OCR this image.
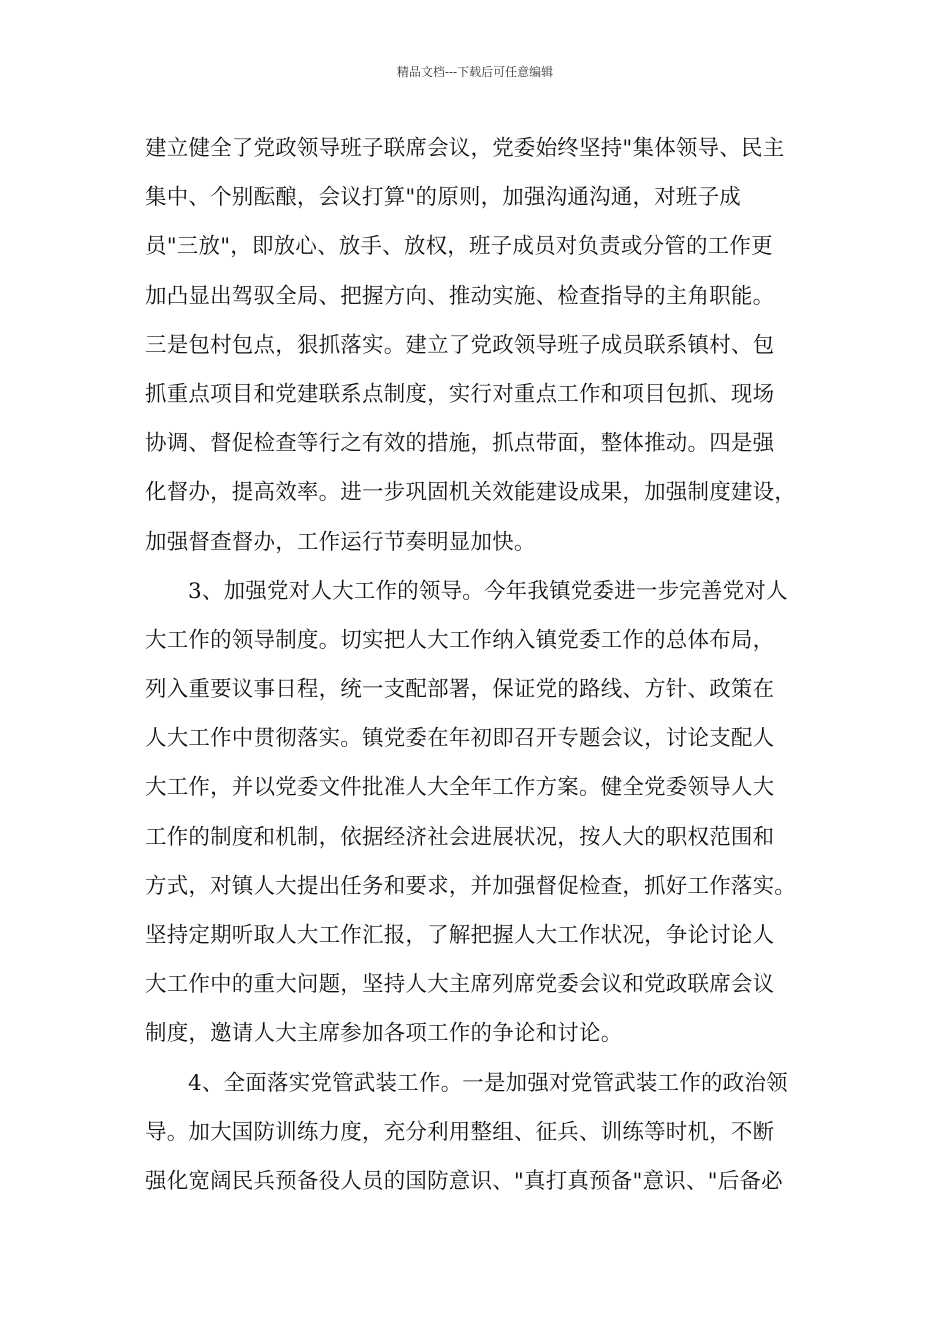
精品文档---下载后可任意编辑
建立健全了党政领导班子联席会议，党委始终坚持"集体领导、民主
集中、个别酝酿，会议打算"的原则，加强沟通沟通，对班子成
员"三放"，即放心、放手、放权，班子成员对负责或分管的工作更
加凸显出驾驭全局、把握方向、推动实施、检查指导的主角职能。
三是包村包点，狠抓落实。建立了党政领导班子成员联系镇村、包
抓重点项目和党建联系点制度，实行对重点工作和项目包抓、现场
协调、督促检查等行之有效的措施，抓点带面，整体推动。四是强
化督办，提高效率。进一步巩固机关效能建设成果，加强制度建设，
加强督查督办，工作运行节奏明显加快。
3、加强党对人大工作的领导。今年我镇党委进一步完善党对人
大工作的领导制度。切实把人大工作纳入镇党委工作的总体布局，
列入重要议事日程，统一支配部署，保证党的路线、方针、政策在
人大工作中贯彻落实。镇党委在年初即召开专题会议，讨论支配人
大工作，并以党委文件批准人大全年工作方案。健全党委领导人大
工作的制度和机制，依据经济社会进展状况，按人大的职权范围和
方式，对镇人大提出任务和要求，并加强督促检查，抓好工作落实。
坚持定期听取人大工作汇报，了解把握人大工作状况，争论讨论人
大工作中的重大问题，坚持人大主席列席党委会议和党政联席会议
制度，邀请人大主席参加各项工作的争论和讨论。
4、全面落实党管武装工作。一是加强对党管武装工作的政治领
导。加大国防训练力度，充分利用整组、征兵、训练等时机，不断
强化宽阔民兵预备役人员的国防意识、"真打真预备"意识、"后备必
